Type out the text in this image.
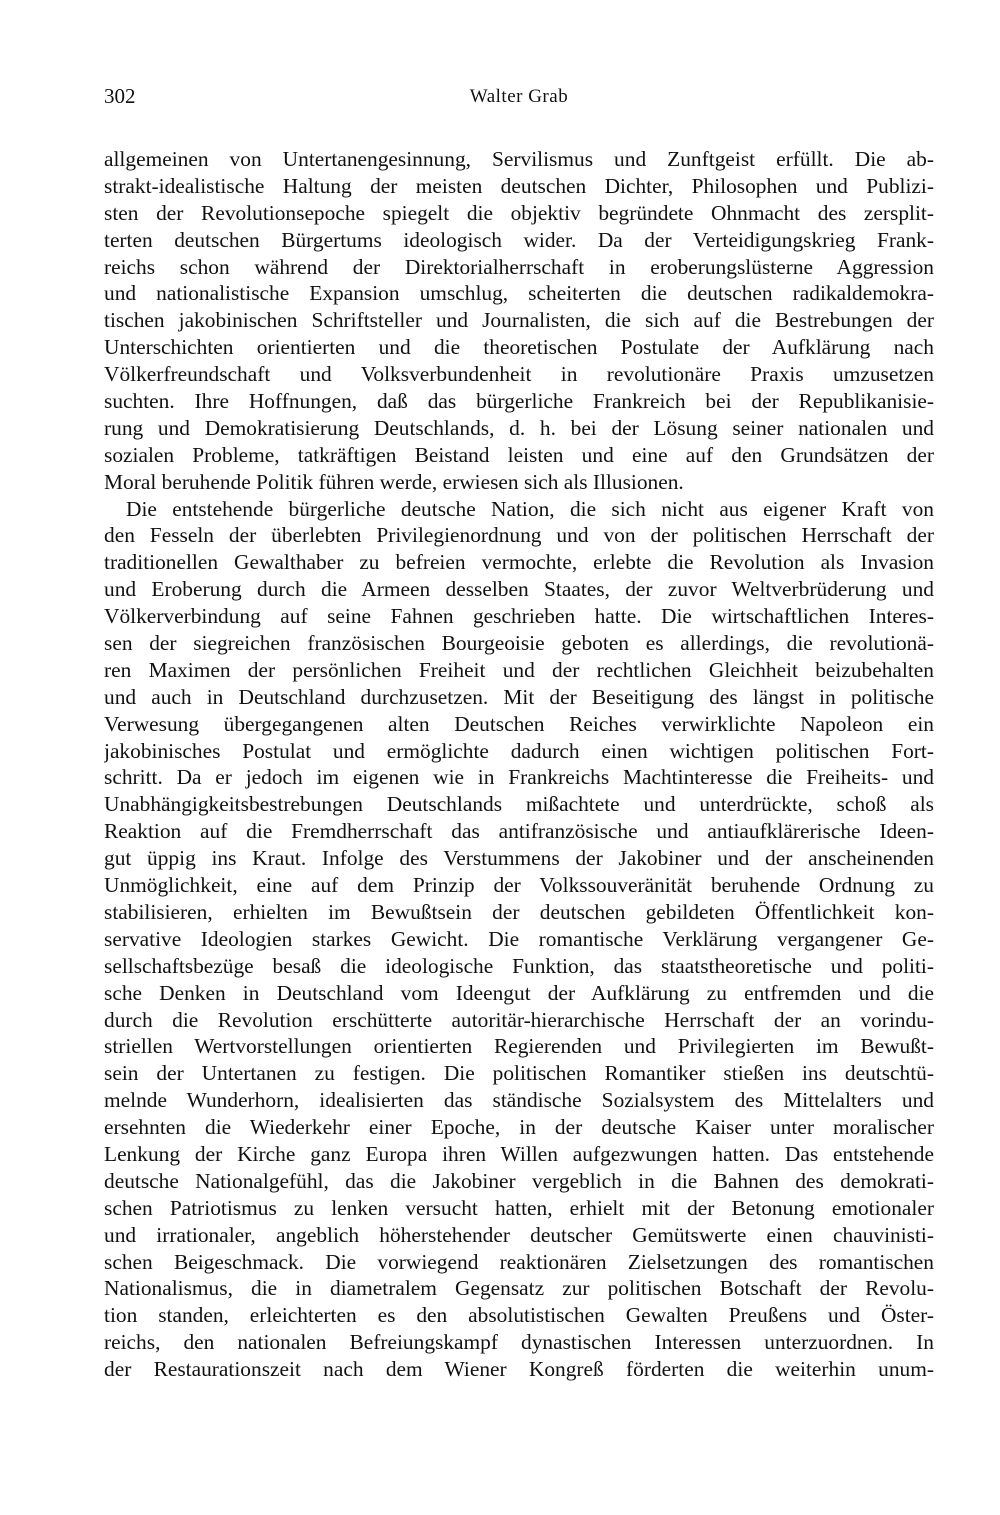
302	Walter Grab
allgemeinen von Untertanengesinnung, Servilismus und Zunftgeist erfüllt. Die ab-
strakt-idealistische Haltung der meisten deutschen Dichter, Philosophen und Publizi-
sten der Revolutionsepoche spiegelt die objektiv begründete Ohnmacht des zersplit-
terten deutschen Bürgertums ideologisch wider. Da der Verteidigungskrieg Frank-
reichs schon während der Direktorialherrschaft in eroberungslüsterne Aggression
und nationalistische Expansion umschlug, scheiterten die deutschen radikaldemokra-
tischen jakobinischen Schriftsteller und Journalisten, die sich auf die Bestrebungen der
Unterschichten orientierten und die theoretischen Postulate der Aufklärung nach
Völkerfreundschaft und Volksverbundenheit in revolutionäre Praxis umzusetzen
suchten. Ihre Hoffnungen, daß das bürgerliche Frankreich bei der Republikanisie-
rung und Demokratisierung Deutschlands, d. h. bei der Lösung seiner nationalen und
sozialen Probleme, tatkräftigen Beistand leisten und eine auf den Grundsätzen der
Moral beruhende Politik führen werde, erwiesen sich als Illusionen.
Die entstehende bürgerliche deutsche Nation, die sich nicht aus eigener Kraft von
den Fesseln der überlebten Privilegienordnung und von der politischen Herrschaft der
traditionellen Gewalthaber zu befreien vermochte, erlebte die Revolution als Invasion
und Eroberung durch die Armeen desselben Staates, der zuvor Weltverbrüderung und
Völkerverbindung auf seine Fahnen geschrieben hatte. Die wirtschaftlichen Interes-
sen der siegreichen französischen Bourgeoisie geboten es allerdings, die revolutionä-
ren Maximen der persönlichen Freiheit und der rechtlichen Gleichheit beizubehalten
und auch in Deutschland durchzusetzen. Mit der Beseitigung des längst in politische
Verwesung übergegangenen alten Deutschen Reiches verwirklichte Napoleon ein
jakobinisches Postulat und ermöglichte dadurch einen wichtigen politischen Fort-
schritt. Da er jedoch im eigenen wie in Frankreichs Machtinteresse die Freiheits- und
Unabhängigkeitsbestrebungen Deutschlands mißachtete und unterdrückte, schoß als
Reaktion auf die Fremdherrschaft das antifranzösische und antiaufklärerische Ideen-
gut üppig ins Kraut. Infolge des Verstummens der Jakobiner und der anscheinenden
Unmöglichkeit, eine auf dem Prinzip der Volkssouveränität beruhende Ordnung zu
stabilisieren, erhielten im Bewußtsein der deutschen gebildeten Öffentlichkeit kon-
servative Ideologien starkes Gewicht. Die romantische Verklärung vergangener Ge-
sellschaftsbezüge besaß die ideologische Funktion, das staatstheoretische und politi-
sche Denken in Deutschland vom Ideengut der Aufklärung zu entfremden und die
durch die Revolution erschütterte autoritär-hierarchische Herrschaft der an vorindu-
striellen Wertvorstellungen orientierten Regierenden und Privilegierten im Bewußt-
sein der Untertanen zu festigen. Die politischen Romantiker stießen ins deutschtü-
melnde Wunderhorn, idealisierten das ständische Sozialsystem des Mittelalters und
ersehnten die Wiederkehr einer Epoche, in der deutsche Kaiser unter moralischer
Lenkung der Kirche ganz Europa ihren Willen aufgezwungen hatten. Das entstehende
deutsche Nationalgefühl, das die Jakobiner vergeblich in die Bahnen des demokrati-
schen Patriotismus zu lenken versucht hatten, erhielt mit der Betonung emotionaler
und irrationaler, angeblich höherstehender deutscher Gemütswerte einen chauvinisti-
schen Beigeschmack. Die vorwiegend reaktionären Zielsetzungen des romantischen
Nationalismus, die in diametralem Gegensatz zur politischen Botschaft der Revolu-
tion standen, erleichterten es den absolutistischen Gewalten Preußens und Öster-
reichs, den nationalen Befreiungskampf dynastischen Interessen unterzuordnen. In
der Restaurationszeit nach dem Wiener Kongreß förderten die weiterhin unum-
